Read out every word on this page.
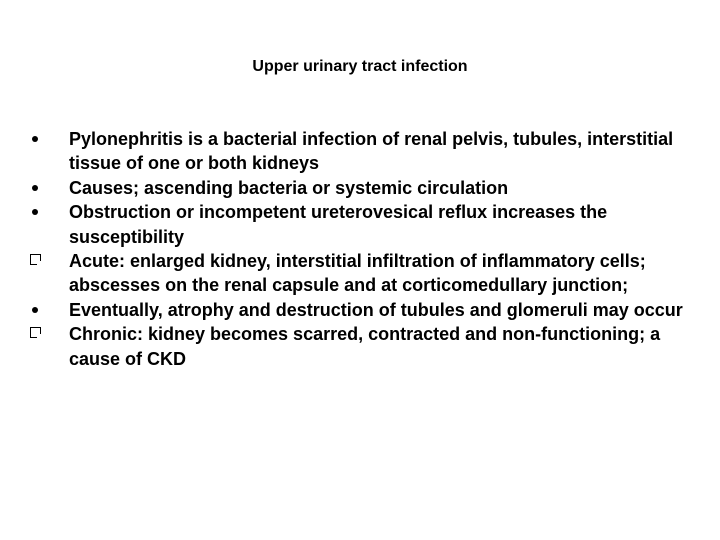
Upper urinary tract infection
Pylonephritis is a bacterial infection of renal pelvis, tubules, interstitial tissue of one or both kidneys
Causes; ascending bacteria or systemic circulation
Obstruction or incompetent ureterovesical reflux increases the susceptibility
Acute: enlarged kidney, interstitial infiltration of inflammatory cells; abscesses on the renal capsule and at corticomedullary junction;
Eventually, atrophy and destruction of tubules and glomeruli may occur
Chronic: kidney becomes scarred, contracted and non-functioning; a cause of CKD
